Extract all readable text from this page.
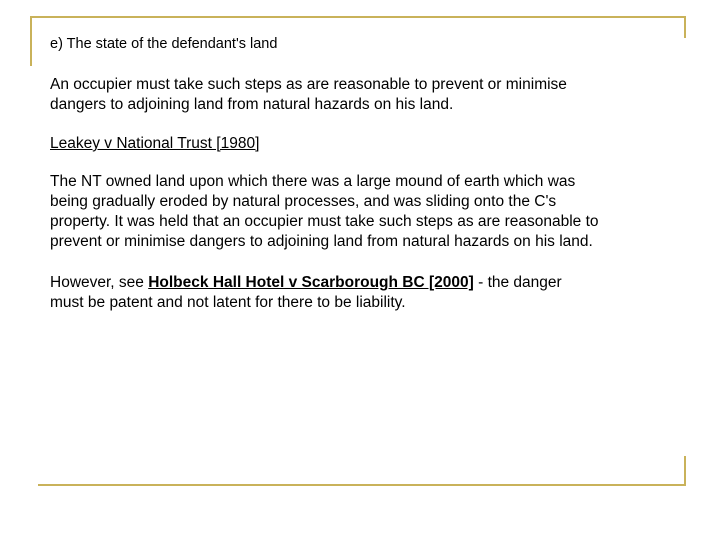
e) The state of the defendant's land

An occupier must take such steps as are reasonable to prevent or minimise
dangers to adjoining land from natural hazards on his land.

Leakey v National Trust [1980]

The NT owned land upon which there was a large mound of earth which was
being gradually eroded by natural processes, and was sliding onto the C's
property. It was held that an occupier must take such steps as are reasonable to
prevent or minimise dangers to adjoining land from natural hazards on his land.

However, see Holbeck Hall Hotel v Scarborough BC [2000] - the danger
must be patent and not latent for there to be liability.
